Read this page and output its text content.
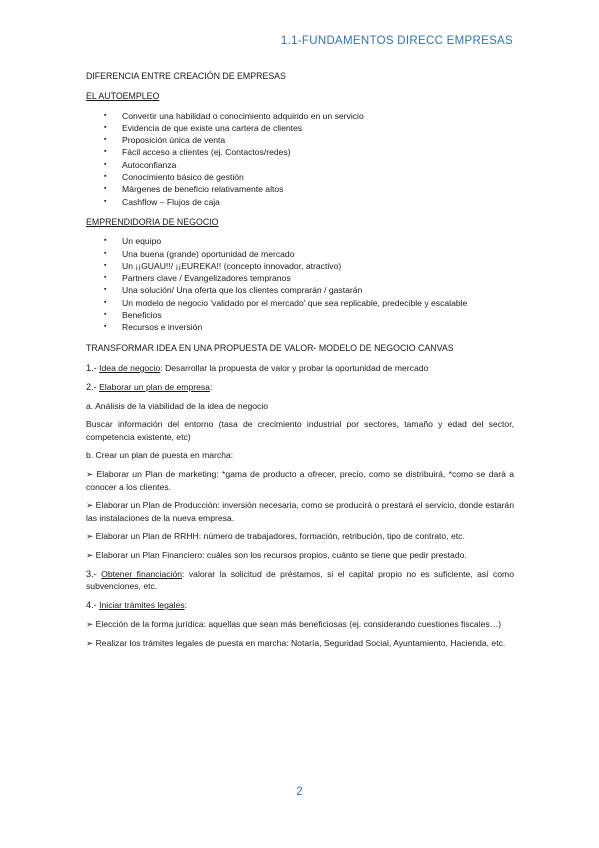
1.1-FUNDAMENTOS DIRECC EMPRESAS
DIFERENCIA ENTRE CREACIÓN DE EMPRESAS
EL AUTOEMPLEO
▪ Convertir una habilidad o conocimiento adquirido en un servicio
▪ Evidencia de que existe una cartera de clientes
▪ Proposición única de venta
▪ Fácil acceso a clientes (ej. Contactos/redes)
▪ Autoconfianza
▪ Conocimiento básico de gestión
▪ Márgenes de beneficio relativamente altos
▪ Cashflow – Flujos de caja
EMPRENDIDORIA DE NEGOCIO
▪ Un equipo
▪ Una buena (grande) oportunidad de mercado
▪ Un ¡¡GUAU!!/ ¡¡EUREKA!! (concepto innovador, atractivo)
▪ Partners clave / Evangelizadores tempranos
▪ Una solución/ Una oferta que los clientes comprarán / gastarán
▪ Un modelo de negocio 'validado por el mercado' que sea replicable, predecible y escalable
▪ Beneficios
▪ Recursos e inversión

TRANSFORMAR IDEA EN UNA PROPUESTA DE VALOR- MODELO DE NEGOCIO CANVAS

1.- Idea de negocio: Desarrollar la propuesta de valor y probar la oportunidad de mercado

2.- Elaborar un plan de empresa:

a. Análisis de la viabilidad de la idea de negocio

Buscar información del entorno (tasa de crecimiento industrial por sectores, tamaño y edad del sector, competencia existente, etc)

b. Crear un plan de puesta en marcha:

➢ Elaborar un Plan de marketing: *gama de producto a ofrecer, precio, como se distribuirá, *como se dará a conocer a los clientes.

➢ Elaborar un Plan de Producción: inversión necesaria, como se producirá o prestará el servicio, donde estarán las instalaciones de la nueva empresa.

➢ Elaborar un Plan de RRHH: número de trabajadores, formación, retribución, tipo de contrato, etc.

➢ Elaborar un Plan Financiero: cuáles son los recursos propios, cuánto se tiene que pedir prestado.

3.- Obtener financiación: valorar la solicitud de préstamos, si el capital propio no es suficiente, así como subvenciones, etc.

4.- Iniciar trámites legales:

➢ Elección de la forma jurídica: aquellas que sean más beneficiosas (ej. considerando cuestiones fiscales…)

➢ Realizar los trámites legales de puesta en marcha: Notaría, Seguridad Social, Ayuntamiento, Hacienda, etc.

2
